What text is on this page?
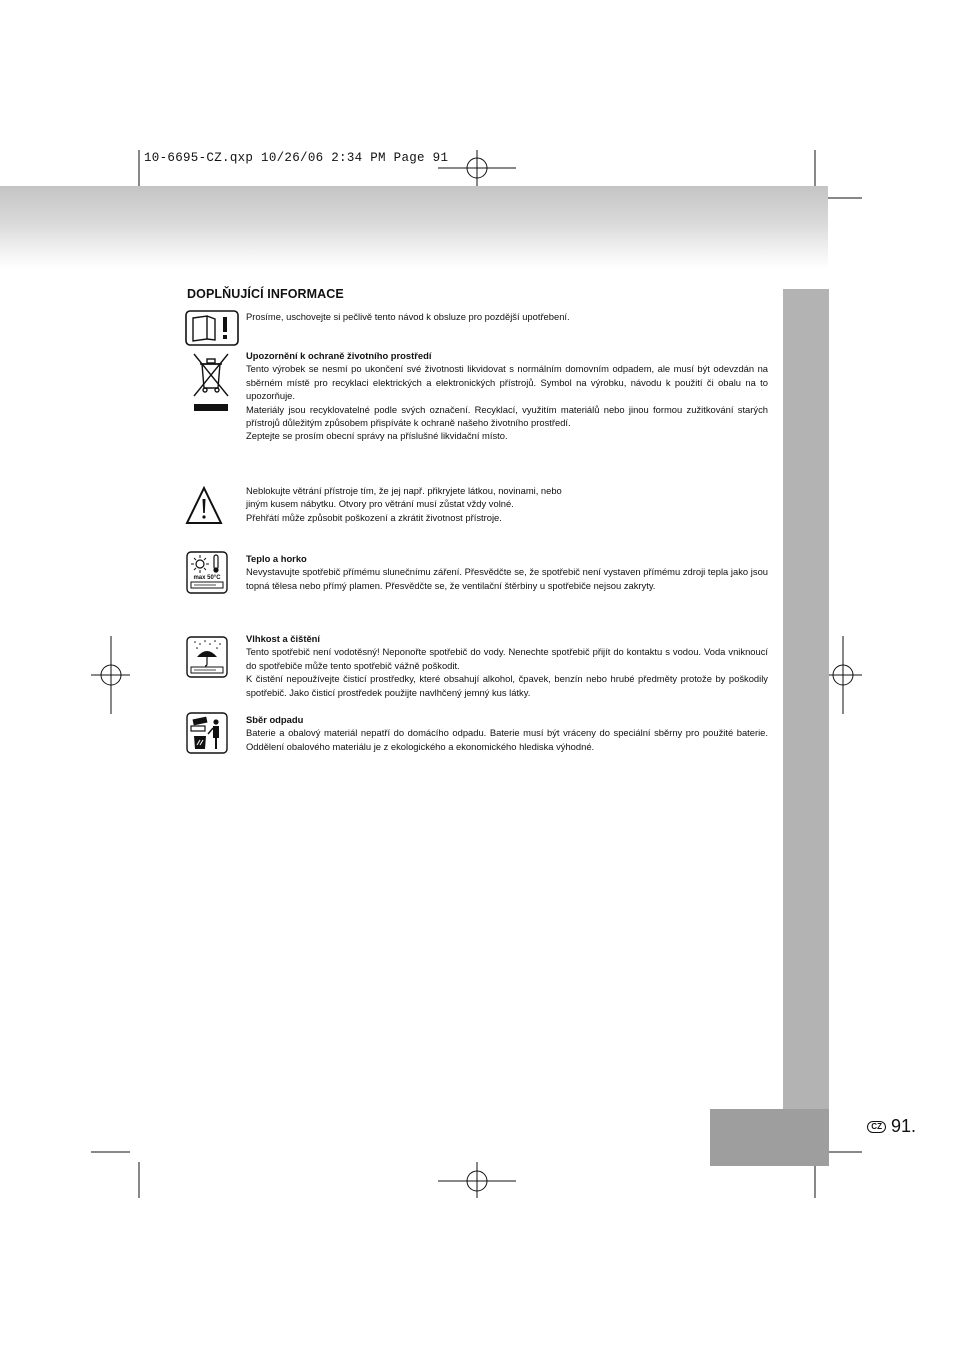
10-6695-CZ.qxp 10/26/06 2:34 PM Page 91
CZ 91.
DOPLŇUJÍCÍ INFORMACE
max 50°C

Prosíme, uschovejte si pečlivě tento návod k obsluze pro pozdější upotřebení.

Upozornění k ochraně životního prostředí

Tento výrobek se nesmí po ukončení své životnosti likvidovat s normálním domovním odpadem, ale musí být odevzdán na sběrném místě pro recyklaci elektrických a elektronických přístrojů. Symbol na výrobku, návodu k použití či obalu na to upozorňuje.

Materiály jsou recyklovatelné podle svých označení. Recyklací, využitím materiálů nebo jinou formou zužitkování starých přístrojů důležitým způsobem přispíváte k ochraně našeho životního prostředí.

Zeptejte se prosím obecní správy na příslušné likvidační místo.

Neblokujte větrání přístroje tím, že jej např. přikryjete látkou, novinami, nebo

jiným kusem nábytku. Otvory pro větrání musí zůstat vždy volné.

Přehřátí může způsobit poškození a zkrátit životnost přístroje.

Teplo a horko

Nevystavujte spotřebič přímému slunečnímu záření. Přesvědčte se, že spotřebič není vystaven přímému zdroji tepla jako jsou topná tělesa nebo přímý plamen. Přesvědčte se, že ventilační štěrbiny u spotřebiče nejsou zakryty.

Vlhkost a čištění

Tento spotřebič není vodotěsný! Neponořte spotřebič do vody. Nenechte spotřebič přijít do kontaktu s vodou. Voda vniknoucí do spotřebiče může tento spotřebič vážně poškodit.

K čistění nepoužívejte čisticí prostředky, které obsahují alkohol, čpavek, benzín nebo hrubé předměty protože by poškodily spotřebič. Jako čisticí prostředek použijte navlhčený jemný kus látky.

Sběr odpadu

Baterie a obalový materiál nepatří do domácího odpadu. Baterie musí být vráceny do speciální sběrny pro použité baterie. Oddělení obalového materiálu je z ekologického a ekonomického hlediska výhodné.
